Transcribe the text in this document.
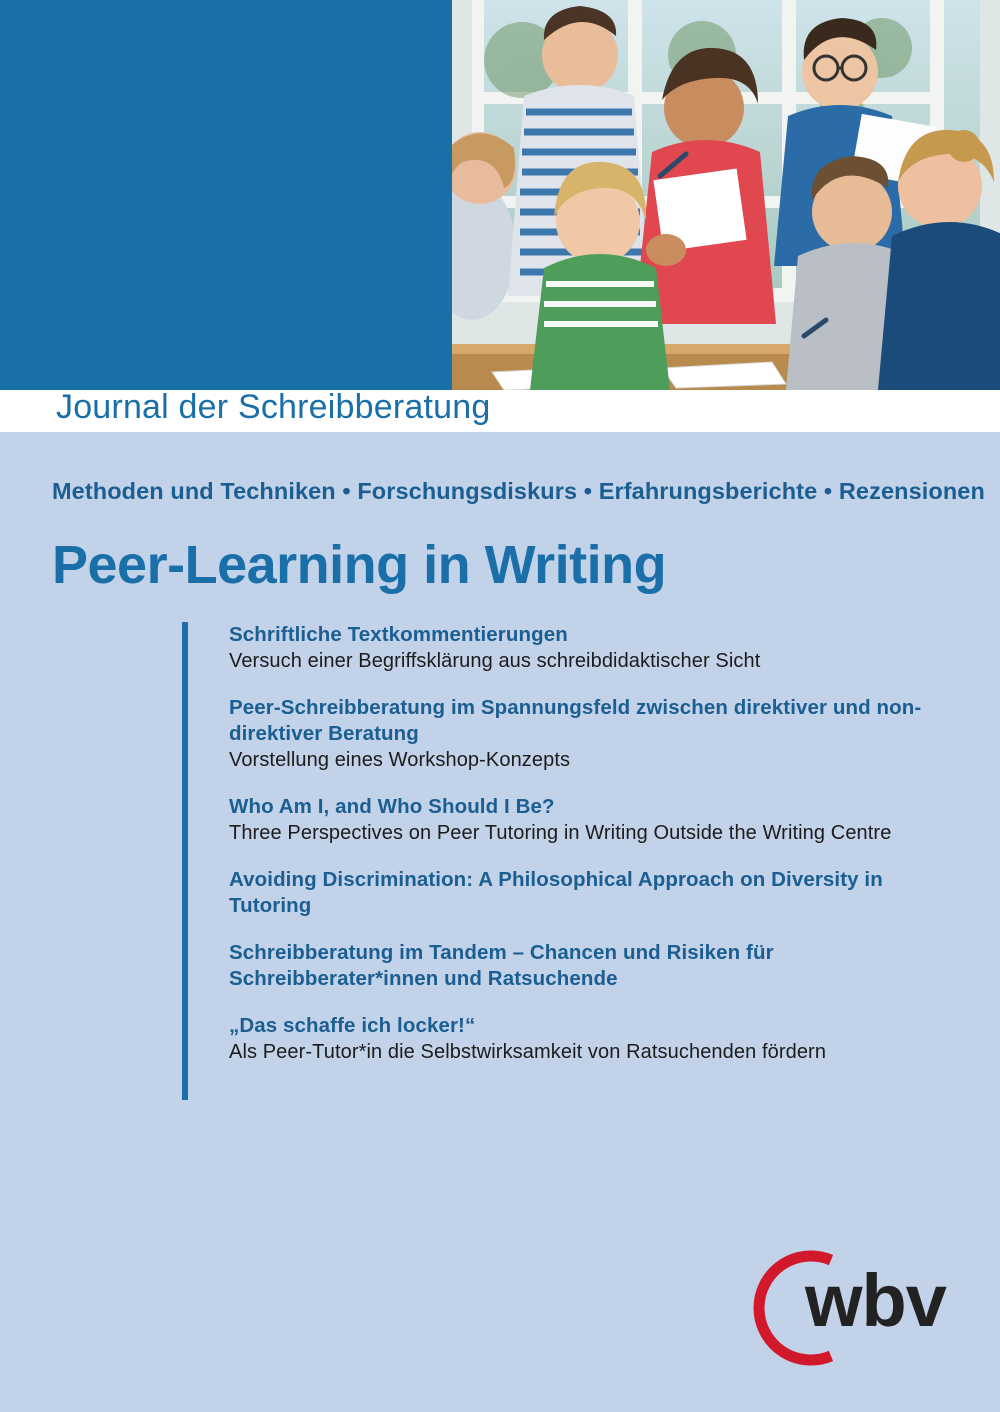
Journal der Schreibberatung
Methoden und Techniken • Forschungsdiskurs • Erfahrungsberichte • Rezensionen
Peer-Learning in Writing
Schriftliche Textkommentierungen
Versuch einer Begriffsklärung aus schreibdidaktischer Sicht
Peer-Schreibberatung im Spannungsfeld zwischen direktiver und non-direktiver Beratung
Vorstellung eines Workshop-Konzepts
Who Am I, and Who Should I Be?
Three Perspectives on Peer Tutoring in Writing Outside the Writing Centre
Avoiding Discrimination: A Philosophical Approach on Diversity in Tutoring
Schreibberatung im Tandem – Chancen und Risiken für Schreibberater*innen und Ratsuchende
„Das schaffe ich locker!“
Als Peer-Tutor*in die Selbstwirksamkeit von Ratsuchenden fördern
wbv
